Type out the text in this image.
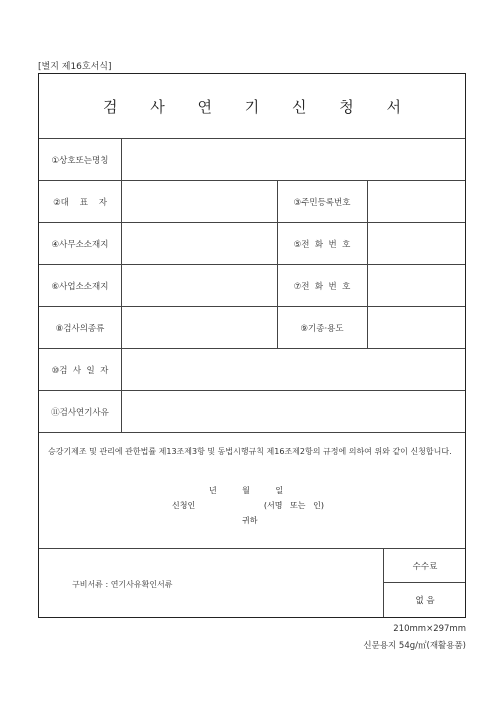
[별지 제16호서식]
검 사 연 기 신 청 서
①상호또는명칭
②대    표    자	③주민등록번호
④사무소소재지	⑤전  화  번  호
⑥사업소소재지	⑦전  화  번  호
⑧검사의종류	⑨기종·용도
⑩검  사  일  자
⑪검사연기사유
승강기제조 및 관리에 관한법률 제13조제3항 및 동법시행규칙 제16조제2항의 규정에 의하여 위와 같이 신청합니다.
년          월          일
신청인                           (서명   또는   인)
귀하
구비서류 : 연기사유확인서류
수수료
없 음
210mm×297mm
신문용지 54g/㎡(재활용품)
